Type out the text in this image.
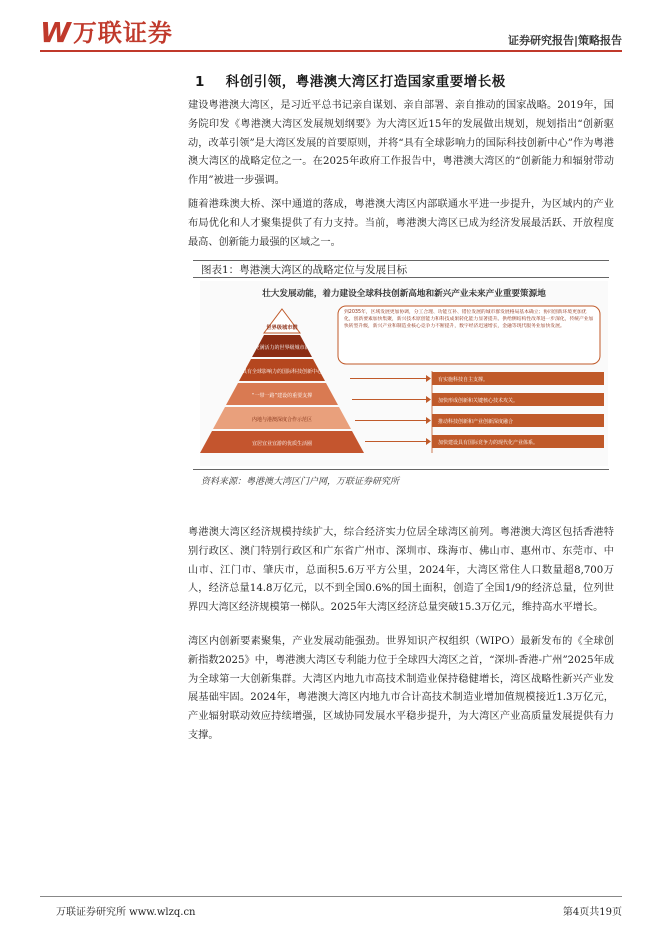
W 万联证券	证券研究报告|策略报告
1 科创引领，粤港澳大湾区打造国家重要增长极

建设粤港澳大湾区，是习近平总书记亲自谋划、亲自部署、亲自推动的国家战略。2019年，国务院印发《粤港澳大湾区发展规划纲要》为大湾区近15年的发展做出规划，规划指出“创新驱动，改革引领”是大湾区发展的首要原则，并将“具有全球影响力的国际科技创新中心”作为粤港澳大湾区的战略定位之一。在2025年政府工作报告中，粤港澳大湾区的“创新能力和辐射带动作用”被进一步强调。

随着港珠澳大桥、深中通道的落成，粤港澳大湾区内部联通水平进一步提升，为区域内的产业布局优化和人才聚集提供了有力支持。当前，粤港澳大湾区已成为经济发展最活跃、开放程度最高、创新能力最强的区域之一。

图表1：粤港澳大湾区的战略定位与发展目标
壮大发展动能，着力建设全球科技创新高地和新兴产业未来产业重要策源地
世界级城市群
充满活力的世界级城市群
具有全球影响力的国际科技创新中心
“一带一路”建设的重要支撑
内地与港澳深度合作示范区
宜居宜业宜游的优质生活圈
到2035年，区域发展更加协调，分工合理、功能互补、错位发展的城市群发展格局基本确立；协同创新环境更加优化，创新要素加快集聚，新兴技术原创能力和科技成果转化能力显著提升。供给侧结构性改革进一步深化，传统产业加快转型升级，新兴产业和制造业核心竞争力不断提升，数字经济迅速增长，金融等现代服务业加快发展。
有实施科技自主支撑。
加快形成创新和关键核心技术攻关。
推动科技创新和产业创新深度融合
加快建设具有国际竞争力的现代化产业体系。
资料来源：粤港澳大湾区门户网，万联证券研究所

粤港澳大湾区经济规模持续扩大，综合经济实力位居全球湾区前列。粤港澳大湾区包括香港特别行政区、澳门特别行政区和广东省广州市、深圳市、珠海市、佛山市、惠州市、东莞市、中山市、江门市、肇庆市，总面积5.6万平方公里，2024年，大湾区常住人口数量超8,700万人，经济总量14.8万亿元，以不到全国0.6%的国土面积，创造了全国1/9的经济总量，位列世界四大湾区经济规模第一梯队。2025年大湾区经济总量突破15.3万亿元，维持高水平增长。

湾区内创新要素聚集，产业发展动能强劲。世界知识产权组织（WIPO）最新发布的《全球创新指数2025》中，粤港澳大湾区专利能力位于全球四大湾区之首，“深圳-香港-广州”2025年成为全球第一大创新集群。大湾区内地九市高技术制造业保持稳健增长，湾区战略性新兴产业发展基础牢固。2024年，粤港澳大湾区内地九市合计高技术制造业增加值规模接近1.3万亿元，产业辐射联动效应持续增强，区域协同发展水平稳步提升，为大湾区产业高质量发展提供有力支撑。

万联证券研究所 www.wlzq.cn	第4页共19页
